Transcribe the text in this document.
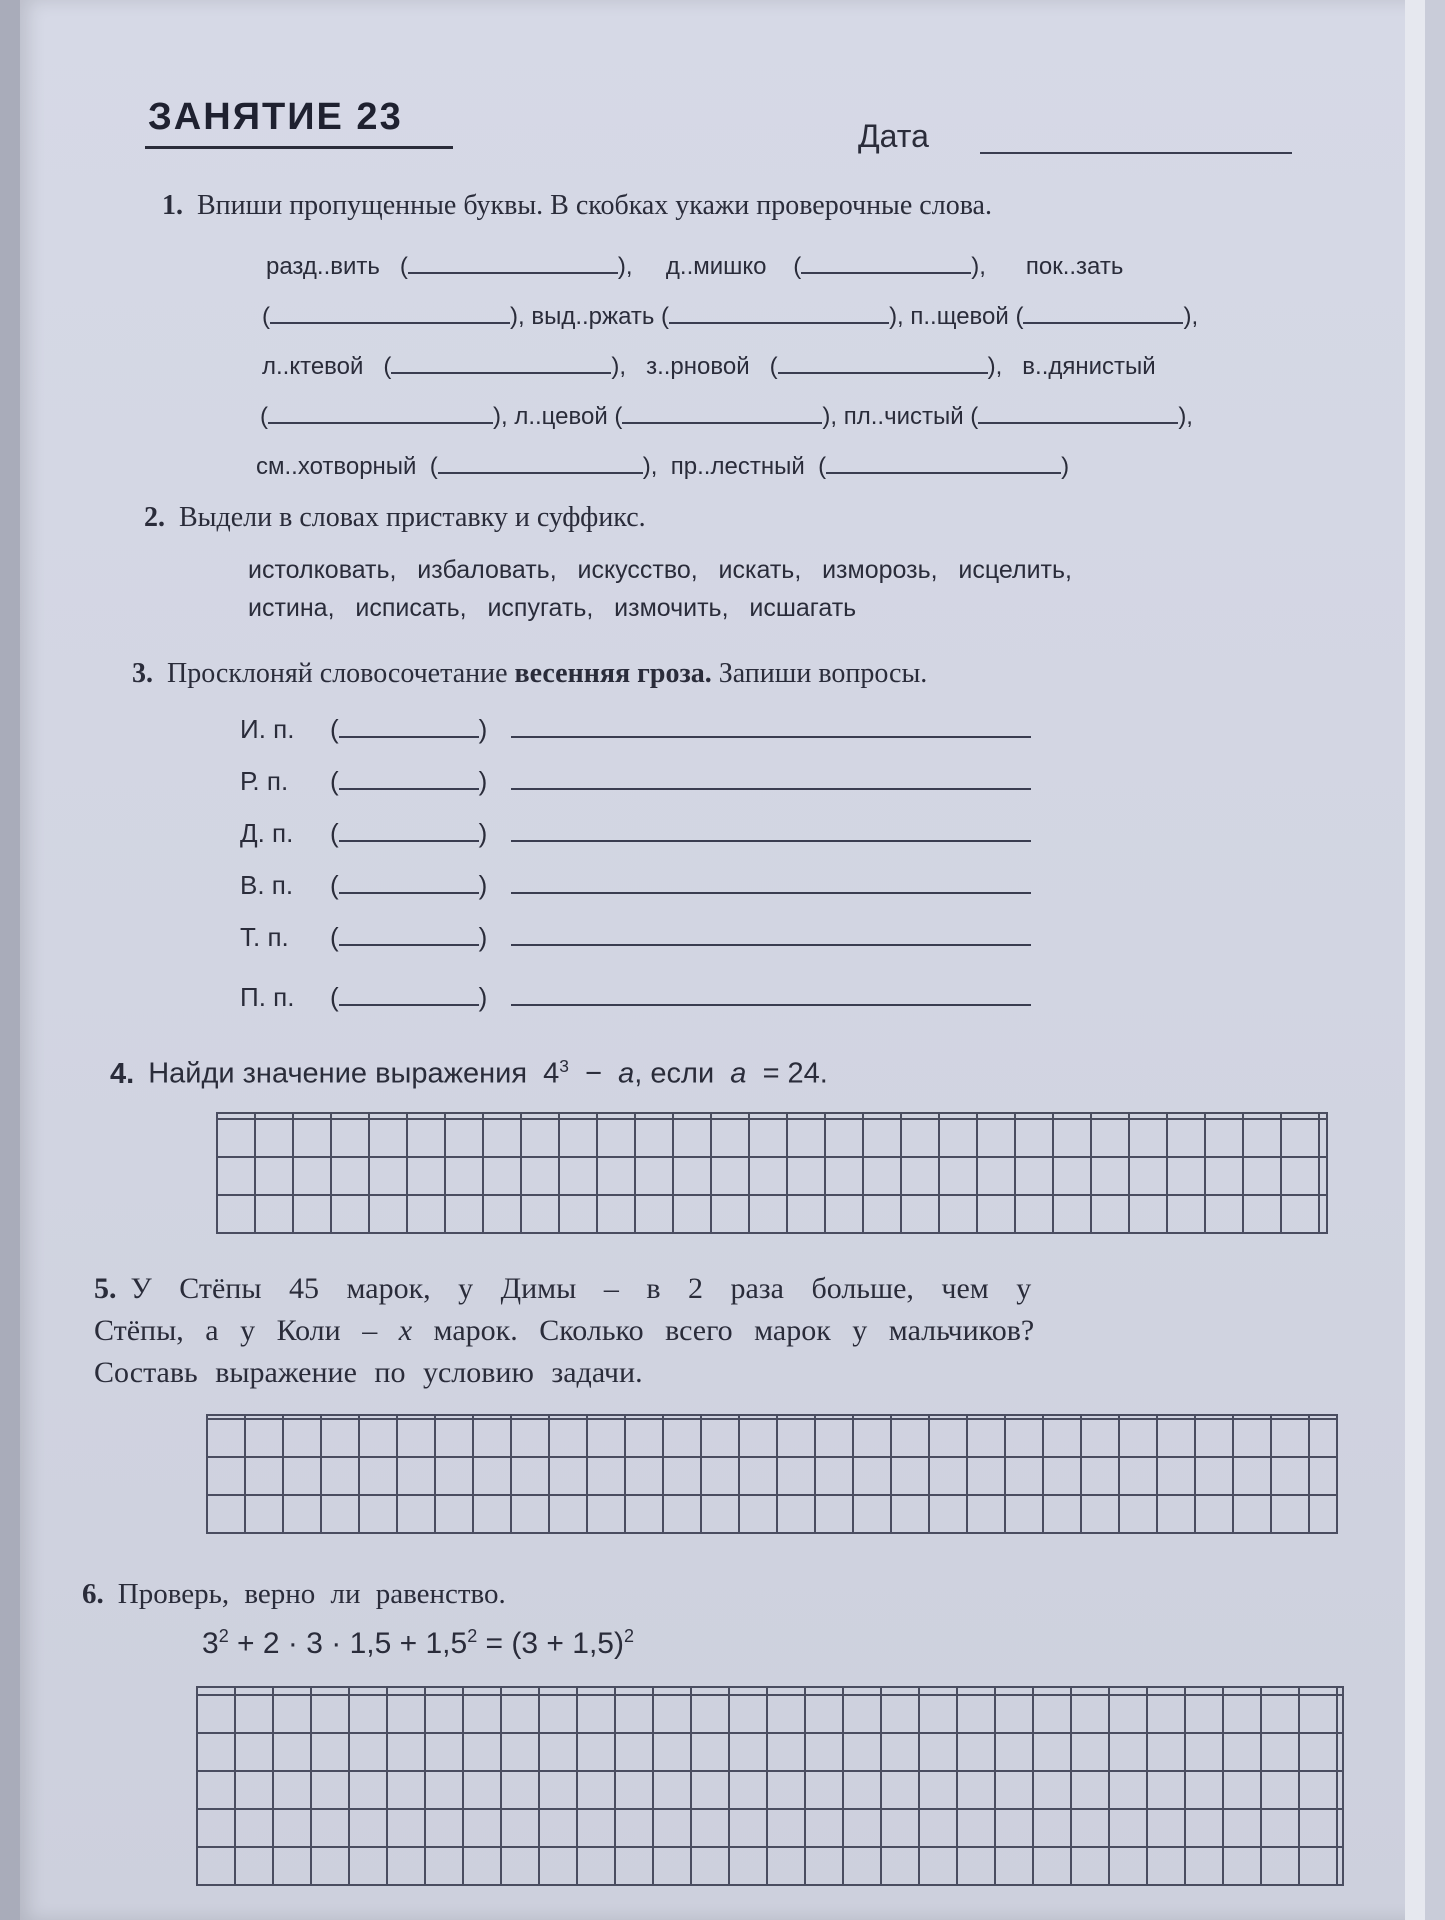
ЗАНЯТИЕ 23	Дата
1. Впиши пропущенные буквы. В скобках укажи проверочные слова.
разд..вить   (	),     д..мишко    (	),      пок..зать
(	), выд..ржать (	), п..щевой (	),
л..ктевой   (	),   з..рновой   (	),   в..дянистый
(	), л..цевой (	), пл..чистый (	),
см..хотворный  (	),  пр..лестный  (	)
2. Выдели в словах приставку и суффикс.
истолковать,   избаловать,   искусство,   искать,   изморозь,   исцелить,
истина,   исписать,   испугать,   измочить,   исшагать
3. Просклоняй словосочетание весенняя гроза. Запиши вопросы.
И. п. (	)
Р. п. (	)
Д. п. (	)
В. п. (	)
Т. п. (	)
П. п. (	)
4. Найди значение выражения $4^3 - a$, если a = 24.
5. У Стёпы 45 марок, у Димы – в 2 раза больше, чем у
Стёпы, а у Коли – x марок. Сколько всего марок у мальчиков?
Составь выражение по условию задачи.
6. Проверь, верно ли равенство.
$3^2 + 2 \cdot 3 \cdot 1,5 + 1,5^2 = (3 + 1,5)^2$
